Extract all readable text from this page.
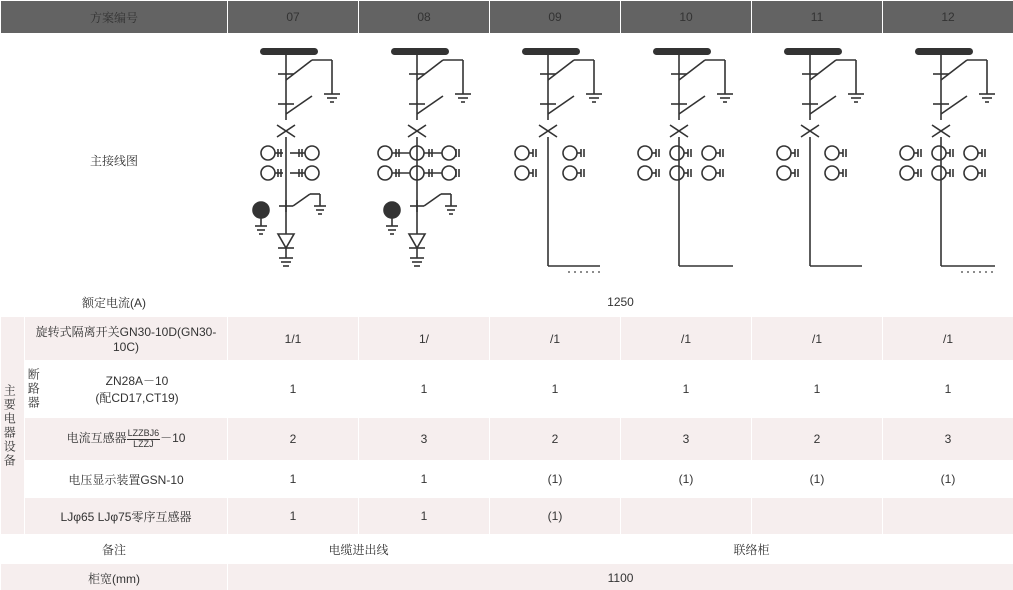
方案编号			07	08	09	10	11	12
主接线图	

额定电流(A)			1250					

主要电器设备	旋转式隔离开关GN30-10D(GN30-10C)		1/1	1/	/1	/1	/1	/1

	断路器	ZN28A－10
(配CD17,CT19)	1	1	1	1	1	1
	电流互感器 $\frac{\text{LZZBJ6}}{\text{LZZJ}} -10$		2	3	2	3	2	3
	电压显示装置GSN-10		1	1	(1)	(1)	(1)	(1)
	LJφ65 LJφ75零序互感器		1	1	(1)			
备注			电缆进出线		联络柜			
柜宽(mm)			1100					
